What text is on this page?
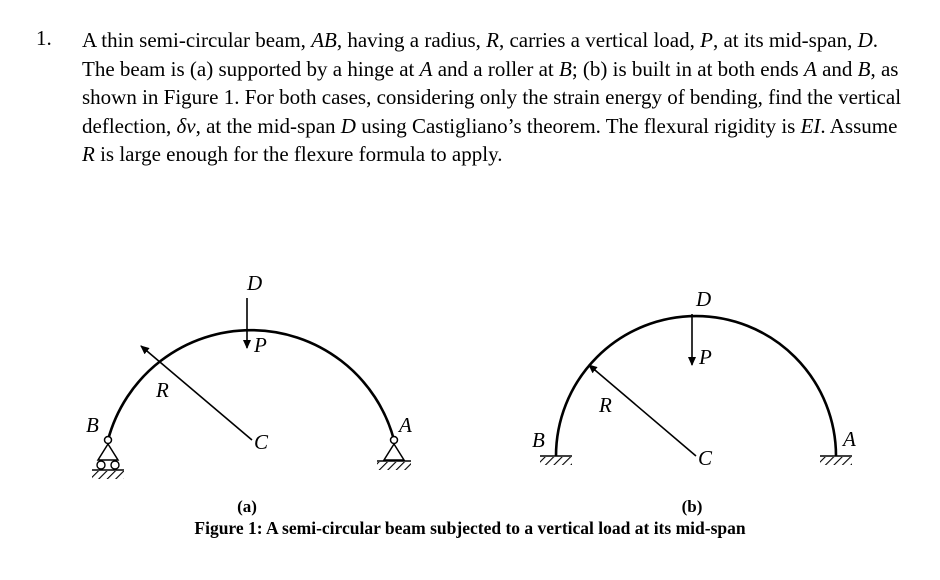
1. A thin semi-circular beam, AB, having a radius, R, carries a vertical load, P, at its mid-span, D. The beam is (a) supported by a hinge at A and a roller at B; (b) is built in at both ends A and B, as shown in Figure 1. For both cases, considering only the strain energy of bending, find the vertical deflection, δv, at the mid-span D using Castigliano’s theorem. The flexural rigidity is EI. Assume R is large enough for the flexure formula to apply.
D
P
R
C
B	A
(a)
D
P
R
C
B	A
(b)
Figure 1: A semi-circular beam subjected to a vertical load at its mid-span
